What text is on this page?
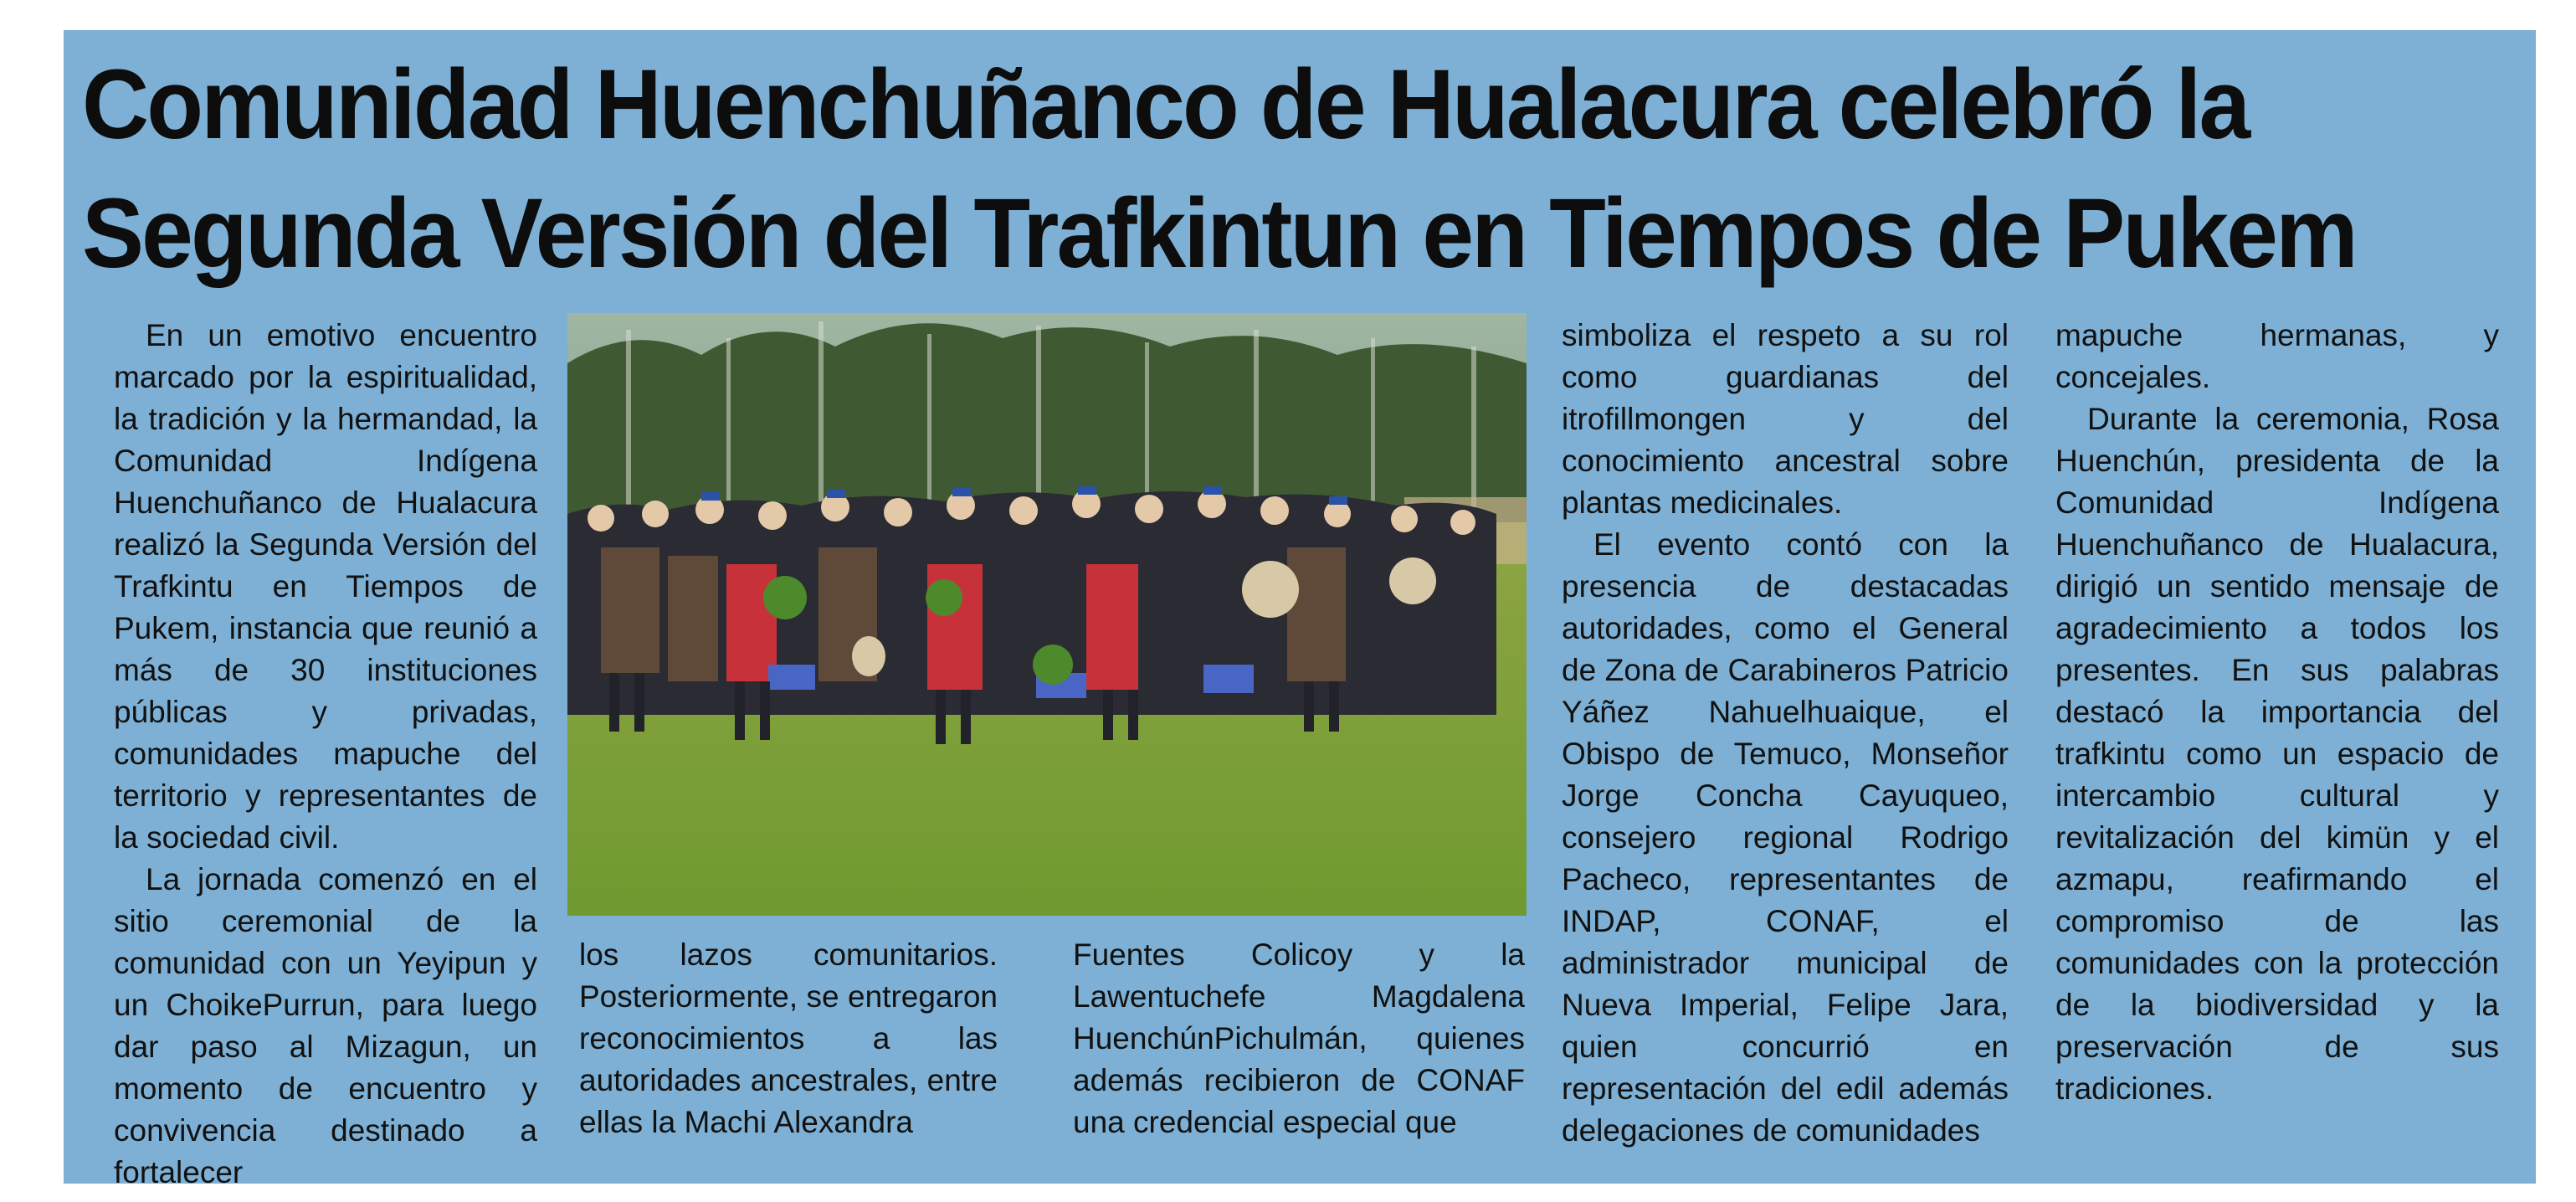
Comunidad Huenchuñanco de Hualacura celebró la
Segunda Versión del Trafkintun en Tiempos de Pukem

En un emotivo encuentro marcado por la espiritualidad, la tradición y la hermandad, la Comunidad Indígena Huenchuñanco de Hualacura realizó la Segunda Versión del Trafkintu en Tiempos de Pukem, instancia que reunió a más de 30 instituciones públicas y privadas, comunidades mapuche del territorio y representantes de la sociedad civil.

La jornada comenzó en el sitio ceremonial de la comunidad con un Yeyipun y un ChoikePurrun, para luego dar paso al Mizagun, un momento de encuentro y convivencia destinado a fortalecer

los lazos comunitarios. Posteriormente, se entregaron reconocimientos a las autoridades ancestrales, entre ellas la Machi Alexandra

Fuentes Colicoy y la Lawentuchefe Magdalena HuenchúnPichulmán, quienes además recibieron de CONAF una credencial especial que

simboliza el respeto a su rol como guardianas del itrofillmongen y del conocimiento ancestral sobre plantas medicinales.

El evento contó con la presencia de destacadas autoridades, como el General de Zona de Carabineros Patricio Yáñez Nahuelhuaique, el Obispo de Temuco, Monseñor Jorge Concha Cayuqueo, consejero regional Rodrigo Pacheco, representantes de INDAP, CONAF, el administrador municipal de Nueva Imperial, Felipe Jara, quien concurrió en representación del edil además delegaciones de comunidades

mapuche hermanas, y concejales.

Durante la ceremonia, Rosa Huenchún, presidenta de la Comunidad Indígena Huenchuñanco de Hualacura, dirigió un sentido mensaje de agradecimiento a todos los presentes. En sus palabras destacó la importancia del trafkintu como un espacio de intercambio cultural y revitalización del kimün y el azmapu, reafirmando el compromiso de las comunidades con la protección de la biodiversidad y la preservación de sus tradiciones.
